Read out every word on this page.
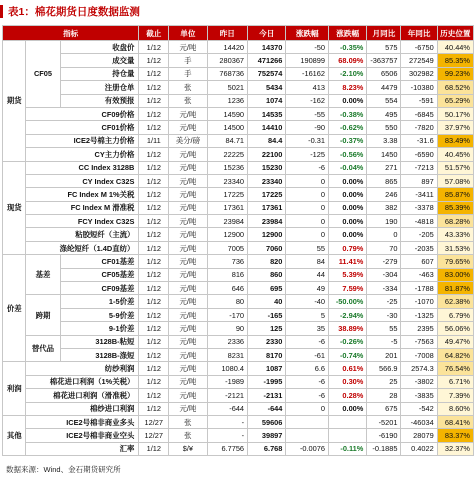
表1：棉花期货日度数据监测
指标			截止	单位	昨日	今日	涨跌幅	涨跌幅	月同比	年同比	历史位置
期货	CF05	收盘价	1/12	元/吨	14420	14370	-50	-0.35%	575	-6750	40.44%
		成交量	1/12	手	280367	471266	190899	68.09%	-363757	272549	85.35%
		持仓量	1/12	手	768736	752574	-16162	-2.10%	6506	302982	99.23%
		注册仓单	1/12	张	5021	5434	413	8.23%	4479	-10380	68.52%
		有效预报	1/12	张	1236	1074	-162	0.00%	554	-591	65.29%
	CF09价格		1/12	元/吨	14590	14535	-55	-0.38%	495	-6845	50.17%
	CF01价格		1/12	元/吨	14500	14410	-90	-0.62%	550	-7820	37.97%
	ICE2号棉主力价格		1/11	美分/磅	84.71	84.4	-0.31	-0.37%	3.38	-31.6	83.49%
	CY主力价格		1/12	元/吨	22225	22100	-125	-0.56%	1450	-6590	40.45%
现货	CC Index 3128B		1/12	元/吨	15236	15230	-6	-0.04%	271	-7213	51.57%
	CY Index C32S		1/12	元/吨	23340	23340	0	0.00%	865	897	57.08%
	FC Index M 1%关税		1/12	元/吨	17225	17225	0	0.00%	246	-3411	85.87%
	FC Index M 滑准税		1/12	元/吨	17361	17361	0	0.00%	382	-3378	85.39%
	FCY Index C32S		1/12	元/吨	23984	23984	0	0.00%	190	-4818	68.28%
	粘胶短纤（主流）		1/12	元/吨	12900	12900	0	0.00%	0	-205	43.33%
	涤纶短纤（1.4D直纺）		1/12	元/吨	7005	7060	55	0.79%	70	-2035	31.53%
价差	基差	CF01基差	1/12	元/吨	736	820	84	11.41%	-279	607	79.65%
		CF05基差	1/12	元/吨	816	860	44	5.39%	-304	-463	83.00%
		CF09基差	1/12	元/吨	646	695	49	7.59%	-334	-1788	81.87%
	跨期	1-5价差	1/12	元/吨	80	40	-40	-50.00%	-25	-1070	62.38%
		5-9价差	1/12	元/吨	-170	-165	5	-2.94%	-30	-1325	6.79%
		9-1价差	1/12	元/吨	90	125	35	38.89%	55	2395	56.06%
	替代品	3128B-粘短	1/12	元/吨	2336	2330	-6	-0.26%	-5	-7563	49.47%
		3128B-涤短	1/12	元/吨	8231	8170	-61	-0.74%	201	-7008	64.82%
利润	纺纱利润		1/12	元/吨	1080.4	1087	6.6	0.61%	566.9	2574.3	76.54%
	棉花进口利润（1%关税）		1/12	元/吨	-1989	-1995	-6	0.30%	25	-3802	6.71%
	棉花进口利润（滑准税）		1/12	元/吨	-2121	-2131	-6	0.28%	28	-3835	7.39%
	棉纱进口利润		1/12	元/吨	-644	-644	0	0.00%	675	-542	8.60%
其他	ICE2号棉非商业多头		12/27	张	-	59606			-5201	-46034	68.41%
	ICE2号棉非商业空头		12/27	张	-	39897			-6190	28079	83.37%
	汇率		1/12	$/¥	6.7756	6.768	-0.0076	-0.11%	-0.1885	0.4022	32.37%
数据来源：Wind、金石期货研究所
